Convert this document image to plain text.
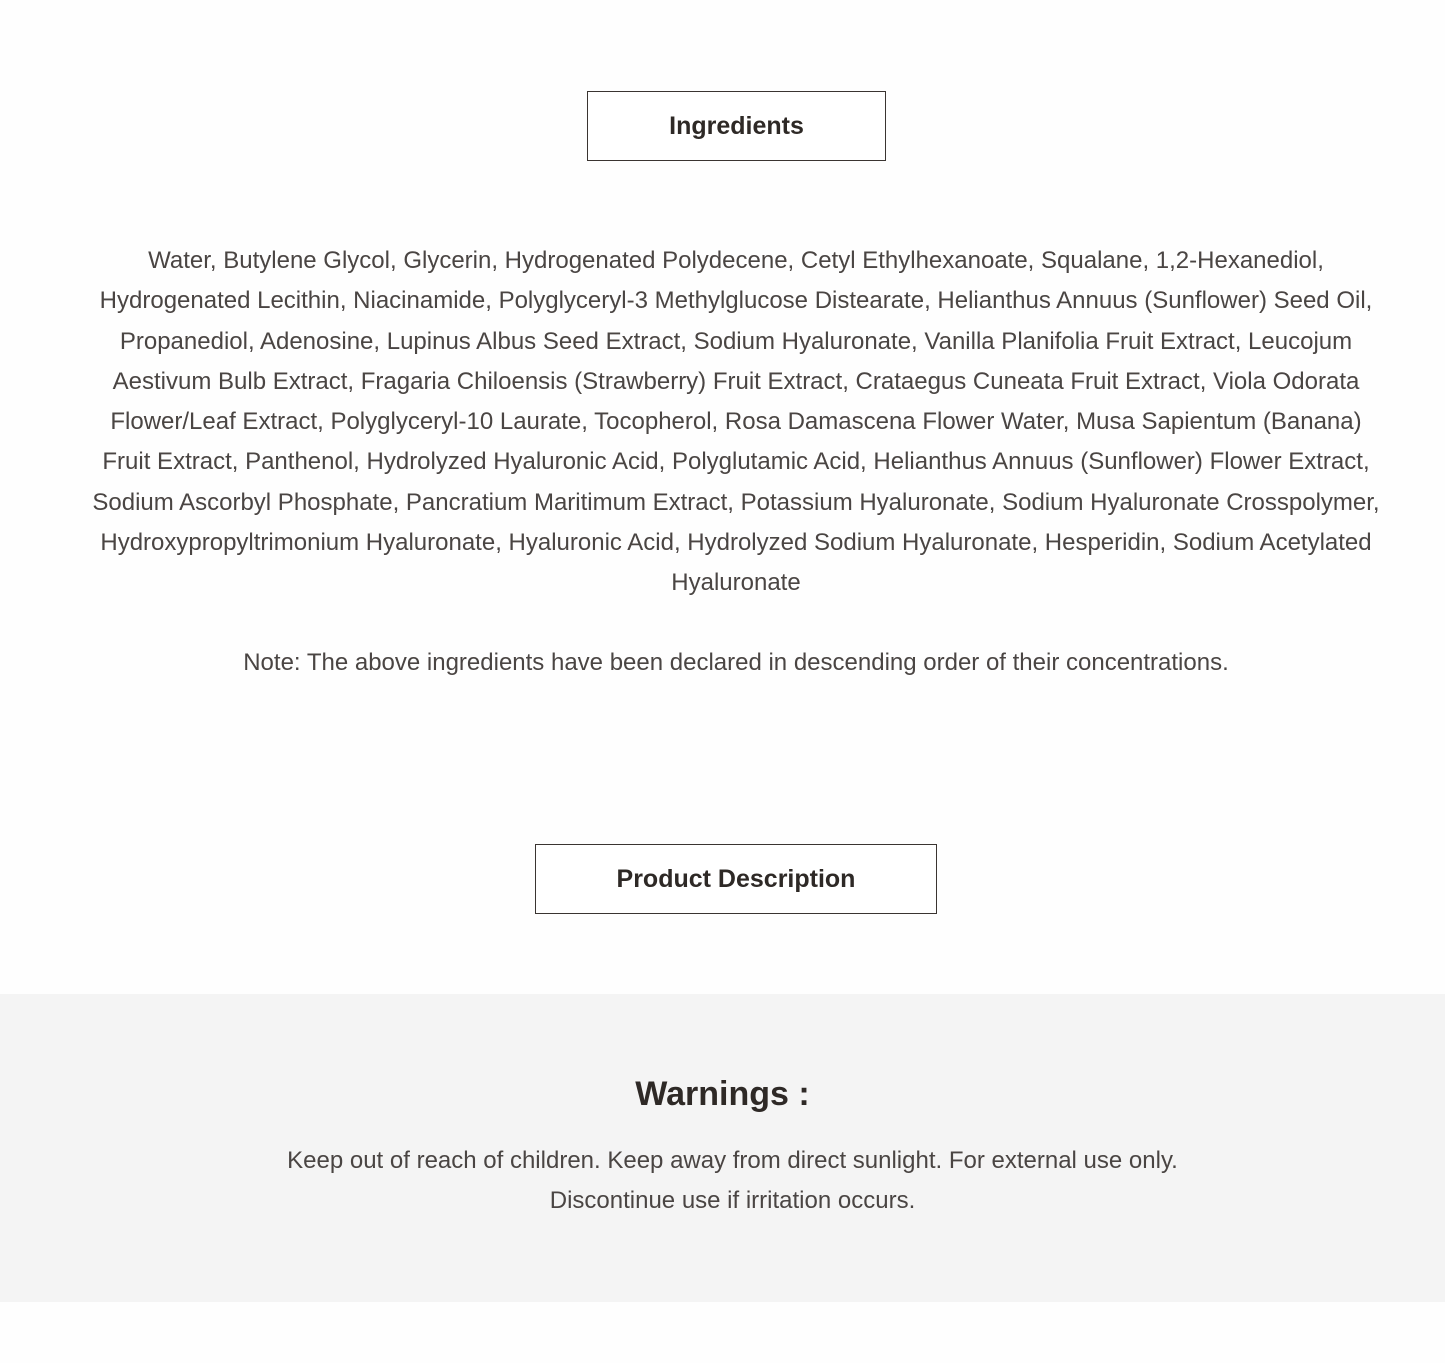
Ingredients

Water, Butylene Glycol, Glycerin, Hydrogenated Polydecene, Cetyl Ethylhexanoate, Squalane, 1,2-Hexanediol, Hydrogenated Lecithin, Niacinamide, Polyglyceryl-3 Methylglucose Distearate, Helianthus Annuus (Sunflower) Seed Oil, Propanediol, Adenosine, Lupinus Albus Seed Extract, Sodium Hyaluronate, Vanilla Planifolia Fruit Extract, Leucojum Aestivum Bulb Extract, Fragaria Chiloensis (Strawberry) Fruit Extract, Crataegus Cuneata Fruit Extract, Viola Odorata Flower/Leaf Extract, Polyglyceryl-10 Laurate, Tocopherol, Rosa Damascena Flower Water, Musa Sapientum (Banana) Fruit Extract, Panthenol, Hydrolyzed Hyaluronic Acid, Polyglutamic Acid, Helianthus Annuus (Sunflower) Flower Extract, Sodium Ascorbyl Phosphate, Pancratium Maritimum Extract, Potassium Hyaluronate, Sodium Hyaluronate Crosspolymer, Hydroxypropyltrimonium Hyaluronate, Hyaluronic Acid, Hydrolyzed Sodium Hyaluronate, Hesperidin, Sodium Acetylated Hyaluronate

Note: The above ingredients have been declared in descending order of their concentrations.

Product Description
Warnings :

Keep out of reach of children. Keep away from direct sunlight. For external use only.
Discontinue use if irritation occurs.
